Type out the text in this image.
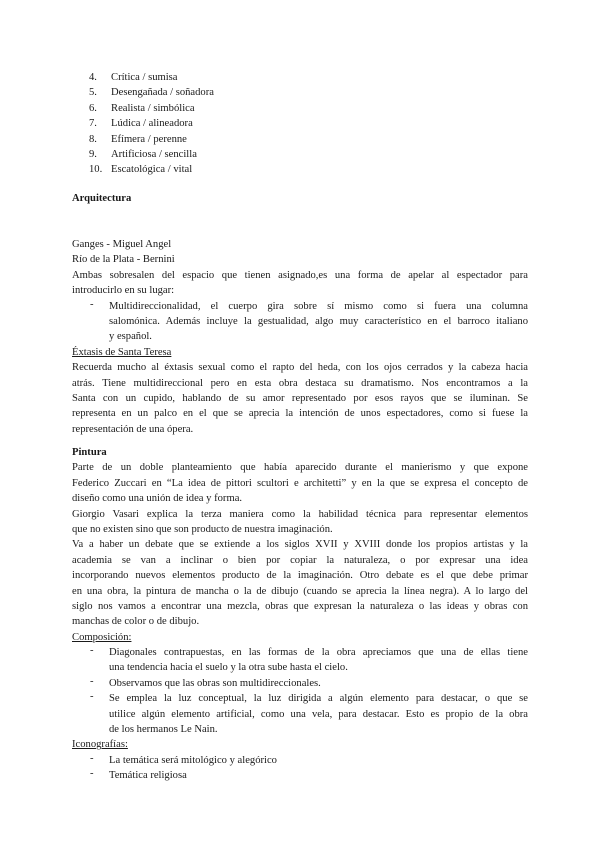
4. Crítica / sumisa
5. Desengañada / soñadora
6. Realista / simbólica
7. Lúdica / alineadora
8. Efímera / perenne
9. Artificiosa / sencilla
10. Escatológica / vital
Arquitectura
Ganges - Miguel Angel
Río de la Plata - Bernini
Ambas sobresalen del espacio que tienen asignado,es una forma de apelar al espectador para
introducirlo en su lugar:
- Multidireccionalidad, el cuerpo gira sobre sí mismo como si fuera una columna
salomónica. Además incluye la gestualidad, algo muy característico en el barroco italiano
y español.
Éxtasis de Santa Teresa
Recuerda mucho al éxtasis sexual como el rapto del heda, con los ojos cerrados y la cabeza hacia
atrás. Tiene multidireccional pero en esta obra destaca su dramatismo. Nos encontramos a la
Santa con un cupido, hablando de su amor representado por esos rayos que se iluminan. Se
representa en un palco en el que se aprecia la intención de unos espectadores, como si fuese la
representación de una ópera.
Pintura
Parte de un doble planteamiento que había aparecido durante el manierismo y que expone
Federico Zuccari en “La idea de pittori scultori e architetti” y en la que se expresa el concepto de
diseño como una unión de idea y forma.
Giorgio Vasari explica la terza maniera como la habilidad técnica para representar elementos
que no existen sino que son producto de nuestra imaginación.
Va a haber un debate que se extiende a los siglos XVII y XVIII donde los propios artistas y la
academia se van a inclinar o bien por copiar la naturaleza, o por expresar una idea
incorporando nuevos elementos producto de la imaginación. Otro debate es el que debe primar
en una obra, la pintura de mancha o la de dibujo (cuando se aprecia la línea negra). A lo largo del
siglo nos vamos a encontrar una mezcla, obras que expresan la naturaleza o las ideas y obras con
manchas de color o de dibujo.
Composición:
- Diagonales contrapuestas, en las formas de la obra apreciamos que una de ellas tiene
una tendencia hacia el suelo y la otra sube hasta el cielo.
- Observamos que las obras son multidireccionales.
- Se emplea la luz conceptual, la luz dirigida a algún elemento para destacar, o que se
utilice algún elemento artificial, como una vela, para destacar. Esto es propio de la obra
de los hermanos Le Nain.
Iconografías:
- La temática será mitológico y alegórico
- Temática religiosa
